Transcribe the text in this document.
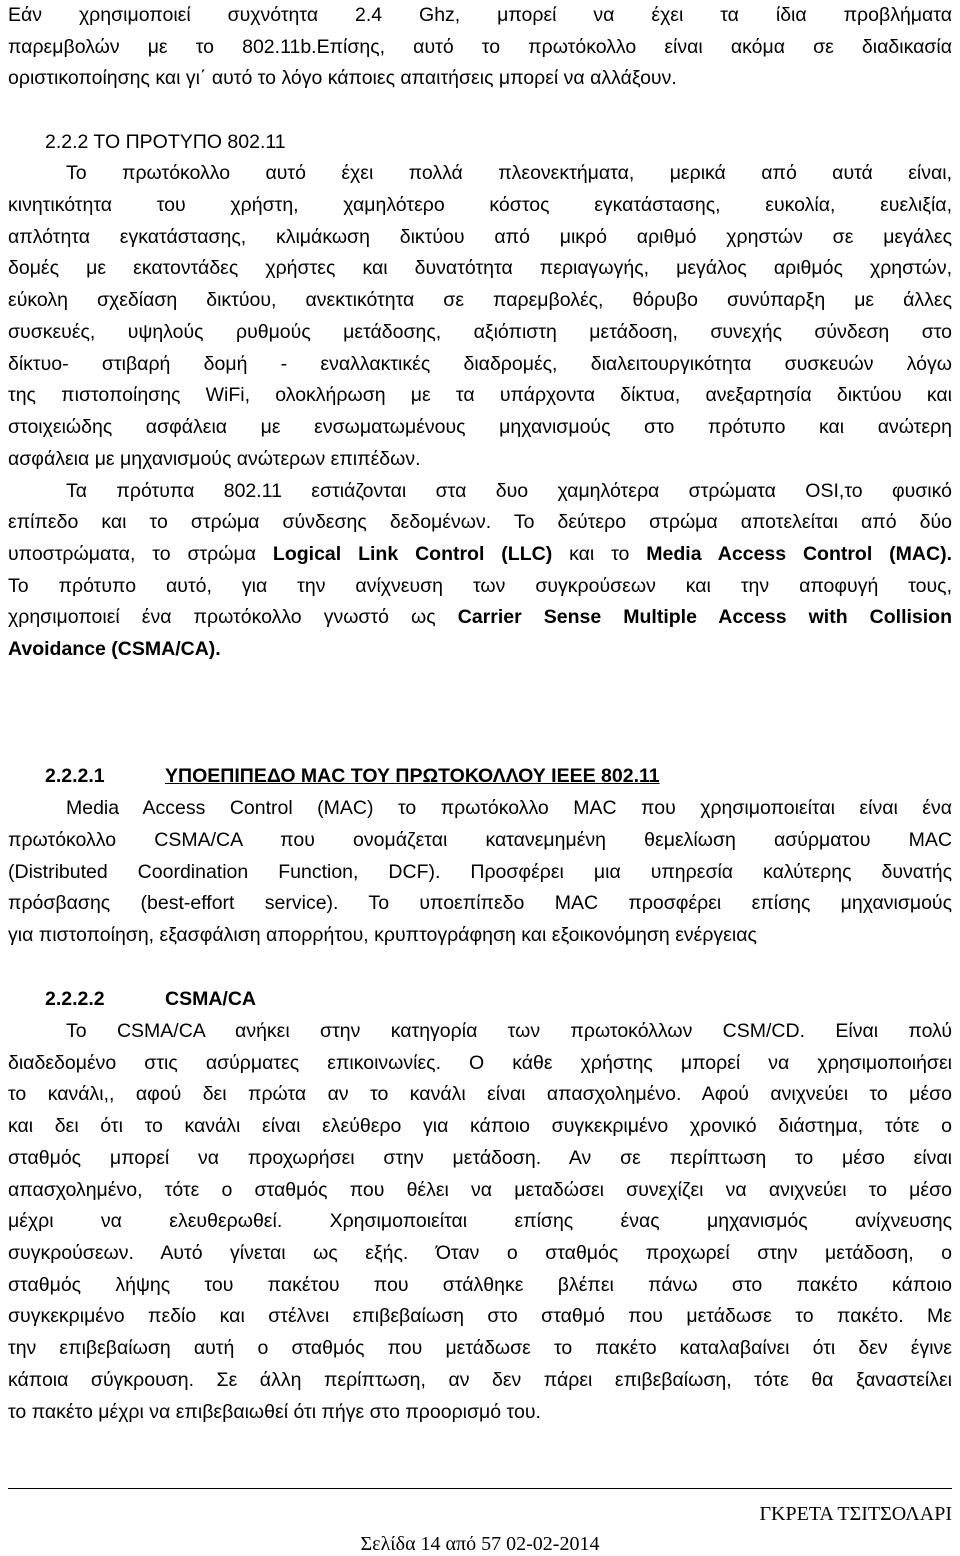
Εάν χρησιμοποιεί συχνότητα 2.4 Ghz, μπορεί να έχει τα ίδια προβλήματα
παρεμβολών με το 802.11b.Επίσης, αυτό το πρωτόκολλο είναι ακόμα σε διαδικασία
οριστικοποίησης και γι΄ αυτό το λόγο κάποιες απαιτήσεις μπορεί να αλλάξουν.
2.2.2 ΤΟ ΠΡΟΤΥΠΟ 802.11
Το πρωτόκολλο αυτό έχει πολλά πλεονεκτήματα, μερικά από αυτά είναι,
κινητικότητα του χρήστη, χαμηλότερο κόστος εγκατάστασης, ευκολία, ευελιξία,
απλότητα εγκατάστασης, κλιμάκωση δικτύου από μικρό αριθμό χρηστών σε μεγάλες
δομές με εκατοντάδες χρήστες και δυνατότητα περιαγωγής, μεγάλος αριθμός χρηστών,
εύκολη σχεδίαση δικτύου, ανεκτικότητα σε παρεμβολές, θόρυβο συνύπαρξη με άλλες
συσκευές, υψηλούς ρυθμούς μετάδοσης, αξιόπιστη μετάδοση, συνεχής σύνδεση στο
δίκτυο- στιβαρή δομή - εναλλακτικές διαδρομές, διαλειτουργικότητα συσκευών λόγω
της πιστοποίησης WiFi, ολοκλήρωση με τα υπάρχοντα δίκτυα, ανεξαρτησία δικτύου και
στοιχειώδης ασφάλεια με ενσωματωμένους μηχανισμούς στο πρότυπο και ανώτερη
ασφάλεια με μηχανισμούς ανώτερων επιπέδων.
Τα πρότυπα 802.11 εστιάζονται στα δυο χαμηλότερα στρώματα OSI,το φυσικό
επίπεδο και το στρώμα σύνδεσης δεδομένων. Το δεύτερο στρώμα αποτελείται από δύο
υποστρώματα, το στρώμα Logical Link Control (LLC) και το Media Access Control (MAC).
Το πρότυπο αυτό, για την ανίχνευση των συγκρούσεων και την αποφυγή τους,
χρησιμοποιεί ένα πρωτόκολλο γνωστό ως Carrier Sense Multiple Access with Collision
Avoidance (CSMA/CA).
2.2.2.1	ΥΠΟΕΠΙΠΕΔΟ MAC ΤΟΥ ΠΡΩΤΟΚΟΛΛΟΥ IEEE 802.11
Media Access Control (MAC) το πρωτόκολλο MAC που χρησιμοποιείται είναι ένα
πρωτόκολλο CSMA/CA που ονομάζεται κατανεμημένη θεμελίωση ασύρματου MAC
(Distributed Coordination Function, DCF). Προσφέρει μια υπηρεσία καλύτερης δυνατής
πρόσβασης (best-effort service). Το υποεπίπεδο MAC προσφέρει επίσης μηχανισμούς
για πιστοποίηση, εξασφάλιση απορρήτου, κρυπτογράφηση και εξοικονόμηση ενέργειας
2.2.2.2	CSMA/CA
Το CSMA/CA ανήκει στην κατηγορία των πρωτοκόλλων CSM/CD. Είναι πολύ
διαδεδομένο στις ασύρματες επικοινωνίες. Ο κάθε χρήστης μπορεί να χρησιμοποιήσει
το κανάλι,, αφού δει πρώτα αν το κανάλι είναι απασχολημένο. Αφού ανιχνεύει το μέσο
και δει ότι το κανάλι είναι ελεύθερο για κάποιο συγκεκριμένο χρονικό διάστημα, τότε ο
σταθμός μπορεί να προχωρήσει στην μετάδοση. Αν σε περίπτωση το μέσο είναι
απασχολημένο, τότε ο σταθμός που θέλει να μεταδώσει συνεχίζει να ανιχνεύει το μέσο
μέχρι να ελευθερωθεί. Χρησιμοποιείται επίσης ένας μηχανισμός ανίχνευσης
συγκρούσεων. Αυτό γίνεται ως εξής. Όταν ο σταθμός προχωρεί στην μετάδοση, ο
σταθμός λήψης του πακέτου που στάλθηκε βλέπει πάνω στο πακέτο κάποιο
συγκεκριμένο πεδίο και στέλνει επιβεβαίωση στο σταθμό που μετάδωσε το πακέτο. Με
την επιβεβαίωση αυτή ο σταθμός που μετάδωσε το πακέτο καταλαβαίνει ότι δεν έγινε
κάποια σύγκρουση. Σε άλλη περίπτωση, αν δεν πάρει επιβεβαίωση, τότε θα ξαναστείλει
το πακέτο μέχρι να επιβεβαιωθεί ότι πήγε στο προορισμό του.
ΓΚΡΕΤΑ ΤΣΙΤΣΟΛΑΡΙ
Σελίδα 14 από 57 02-02-2014
